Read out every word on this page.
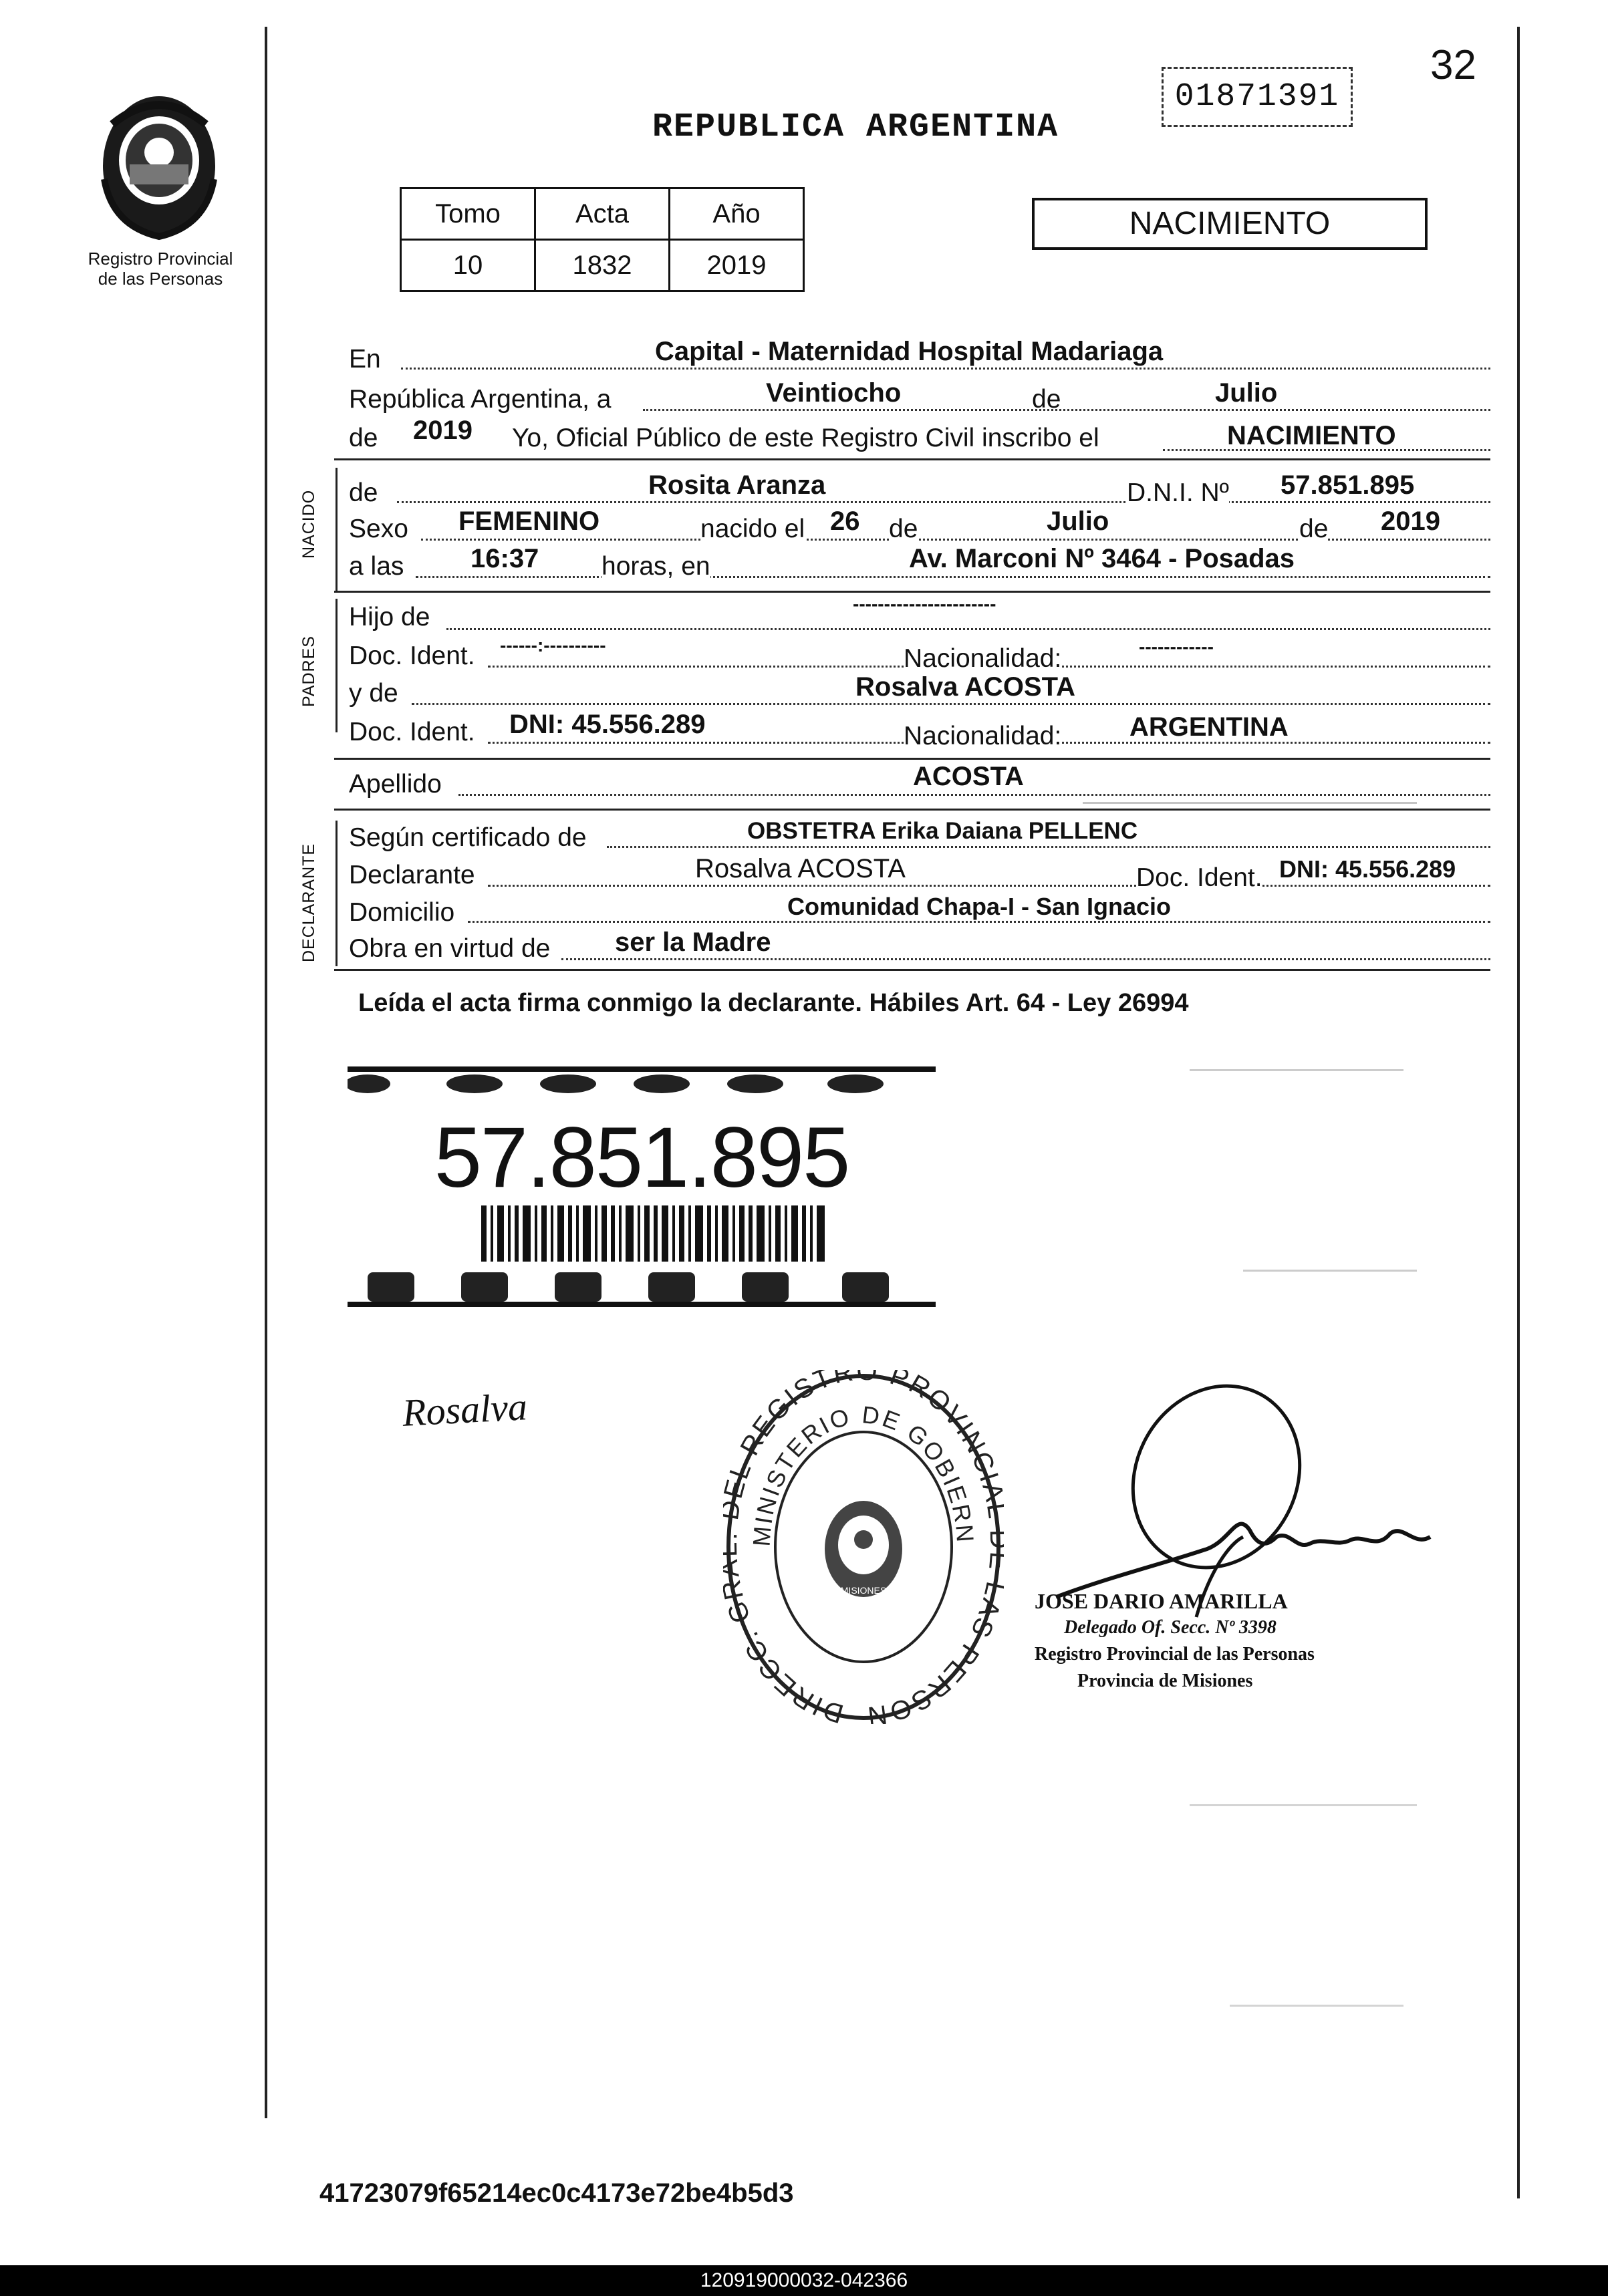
Registro Provincial
de las Personas
32
01871391
REPUBLICA ARGENTINA
Tomo	Acta	Año
10	1832	2019
NACIMIENTO
En	Capital - Maternidad Hospital Madariaga
República Argentina, a	Veintiocho	de	Julio
de 2019 Yo, Oficial Público de este Registro Civil inscribo el	NACIMIENTO
NACIDO de	Rosita Aranza	D.N.I. Nº 57.851.895
Sexo FEMENINO	nacido el 26 de	Julio	de 2019
a las 16:37 horas, en	Av. Marconi Nº 3464 - Posadas
PADRES
Hijo de	-----------------------
Doc. Ident. ------:----------	Nacionalidad:	------------
y de	Rosalva ACOSTA
Doc. Ident. DNI: 45.556.289	Nacionalidad:	ARGENTINA
Apellido	ACOSTA
DECLARANTE
Según certificado de	OBSTETRA Erika Daiana PELLENC
Declarante	Rosalva ACOSTA	Doc. Ident. DNI: 45.556.289
Domicilio	Comunidad Chapa-I - San Ignacio
Obra en virtud de ser la Madre
Leída el acta firma conmigo la declarante. Hábiles Art. 64 - Ley 26994
57.851.895
Rosalva
DIRECC. G L REGISTRO PROVINCI AS PERSON
MINISTERIO DE GOBIERN
MISIONES	JOSE DARIO AMARILLA
Delegado Of. Secc. Nº 3398
Registro Provincial de las Personas
Provincia de Misiones
41723079f65214ec0c4173e72be4b5d3
120919000032-042366
